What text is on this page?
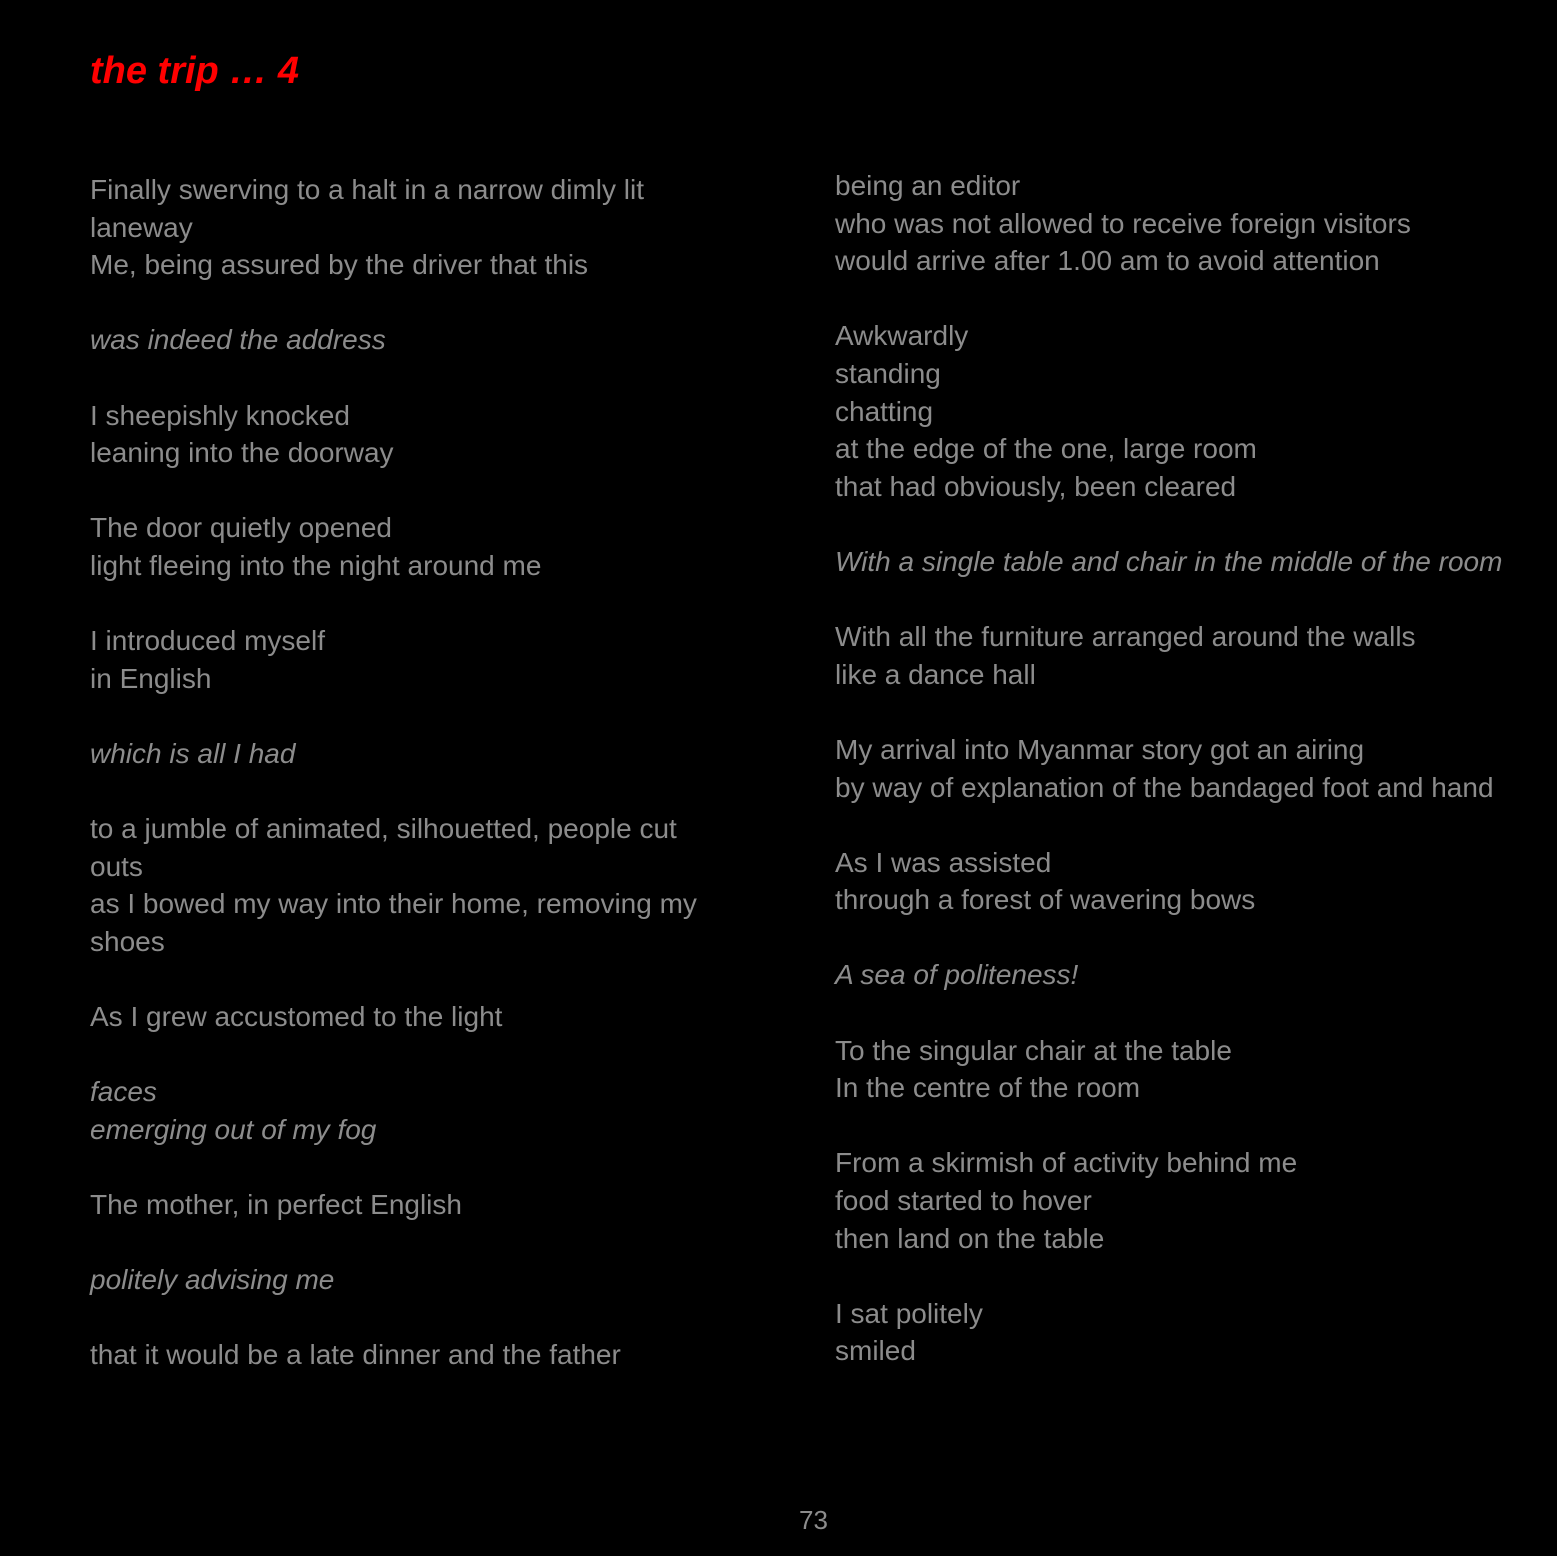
the trip … 4
Finally swerving to a halt in a narrow dimly lit
laneway
Me, being assured by the driver that this
was indeed the address
I sheepishly knocked
leaning into the doorway
The door quietly opened
light fleeing into the night around me
I introduced myself
in English
which is all I had
to a jumble of animated, silhouetted, people cut
outs
as I bowed my way into their home, removing my
shoes
As I grew accustomed to the light
faces
emerging out of my fog
The mother, in perfect English
politely advising me
that it would be a late dinner and the father
being an editor
who was not allowed to receive foreign visitors
would arrive after 1.00 am to avoid attention
Awkwardly
standing
chatting
at the edge of the one, large room
that had obviously, been cleared
With a single table and chair in the middle of the room
With all the furniture arranged around the walls
like a dance hall
My arrival into Myanmar story got an airing
by way of explanation of the bandaged foot and hand
As I was assisted
through a forest of wavering bows
A sea of politeness!
To the singular chair at the table
In the centre of the room
From a skirmish of activity behind me
food started to hover
then land on the table
I sat politely
smiled
73
